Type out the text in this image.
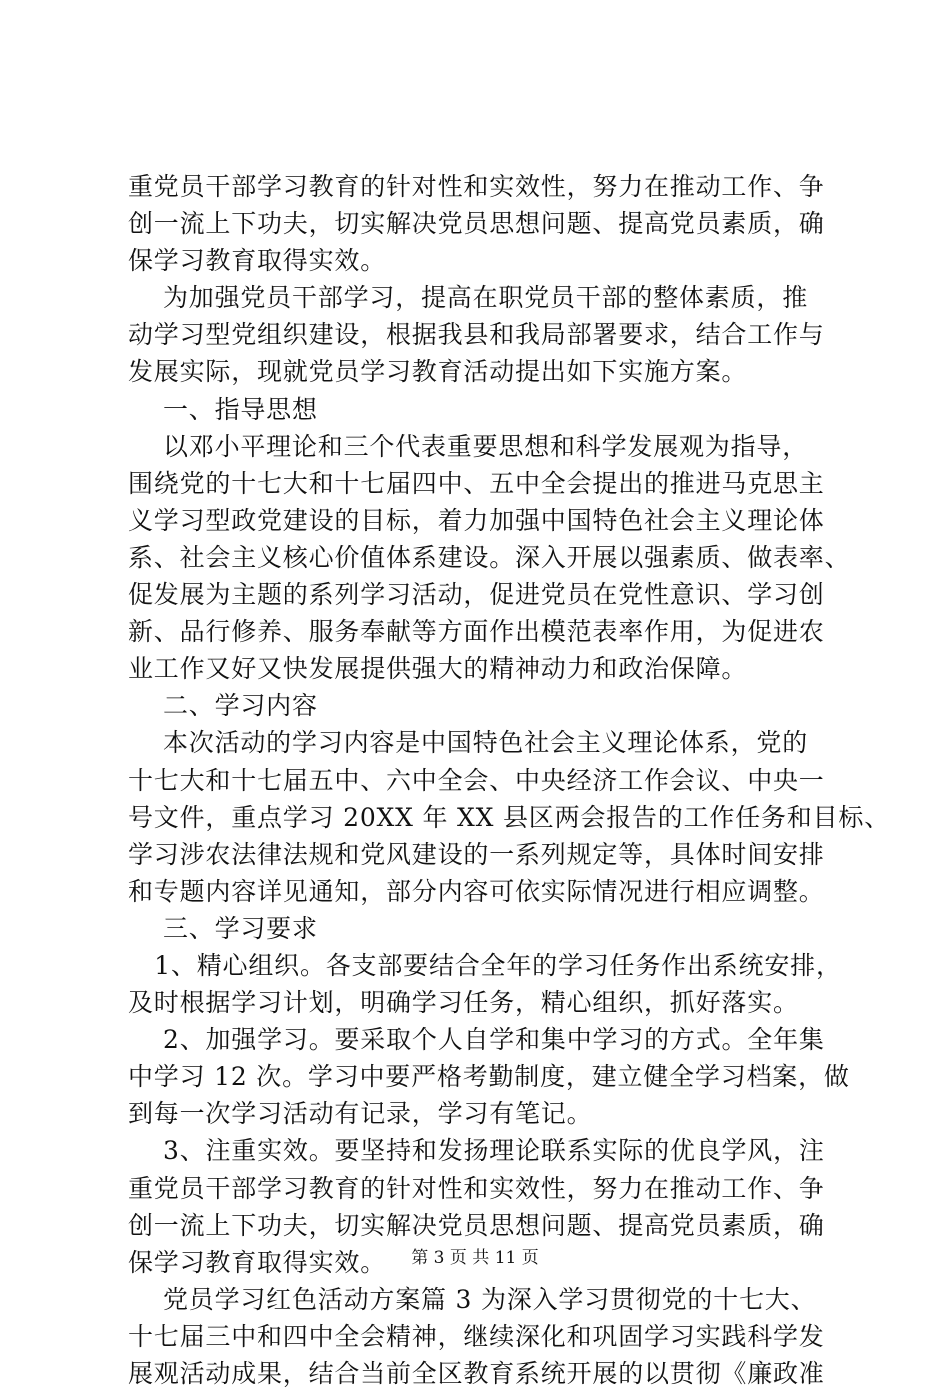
重党员干部学习教育的针对性和实效性，努力在推动工作、争
创一流上下功夫，切实解决党员思想问题、提高党员素质，确
保学习教育取得实效。
为加强党员干部学习，提高在职党员干部的整体素质，推
动学习型党组织建设，根据我县和我局部署要求，结合工作与
发展实际，现就党员学习教育活动提出如下实施方案。
一、指导思想
以邓小平理论和三个代表重要思想和科学发展观为指导，
围绕党的十七大和十七届四中、五中全会提出的推进马克思主
义学习型政党建设的目标，着力加强中国特色社会主义理论体
系、社会主义核心价值体系建设。深入开展以强素质、做表率、
促发展为主题的系列学习活动，促进党员在党性意识、学习创
新、品行修养、服务奉献等方面作出模范表率作用，为促进农
业工作又好又快发展提供强大的精神动力和政治保障。
二、学习内容
本次活动的学习内容是中国特色社会主义理论体系，党的
十七大和十七届五中、六中全会、中央经济工作会议、中央一
号文件，重点学习 20XX 年 XX 县区两会报告的工作任务和目标、
学习涉农法律法规和党风建设的一系列规定等，具体时间安排
和专题内容详见通知，部分内容可依实际情况进行相应调整。
三、学习要求
1、精心组织。各支部要结合全年的学习任务作出系统安排，
及时根据学习计划，明确学习任务，精心组织，抓好落实。
2、加强学习。要采取个人自学和集中学习的方式。全年集
中学习 12 次。学习中要严格考勤制度，建立健全学习档案，做
到每一次学习活动有记录，学习有笔记。
3、注重实效。要坚持和发扬理论联系实际的优良学风，注
重党员干部学习教育的针对性和实效性，努力在推动工作、争
创一流上下功夫，切实解决党员思想问题、提高党员素质，确
保学习教育取得实效。
党员学习红色活动方案篇 3 为深入学习贯彻党的十七大、
十七届三中和四中全会精神，继续深化和巩固学习实践科学发
展观活动成果，结合当前全区教育系统开展的以贯彻《廉政准
第 3 页 共 11 页
